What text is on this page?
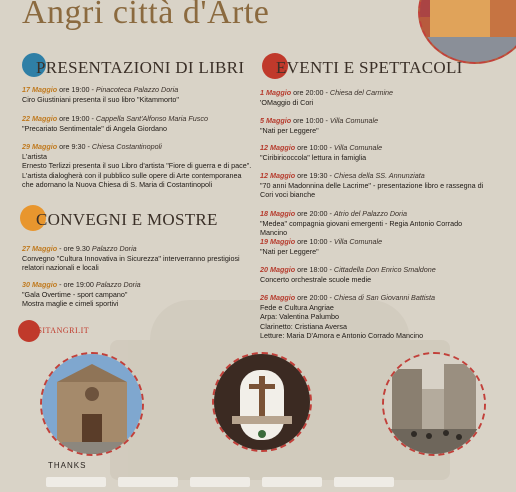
Angri città d'Arte
PRESENTAZIONI DI LIBRI
17 Maggio ore 19:00 - Pinacoteca Palazzo Doria
Ciro Giustiniani presenta il suo libro "Kitammorto"
22 Maggio ore 19:00 - Cappella Sant'Alfonso Maria Fusco
"Precariato Sentimentale" di Angela Giordano
29 Maggio ore 9:30 - Chiesa Costantinopoli
L'artista
Ernesto Terlizzi presenta il suo Libro d'artista "Fiore di guerra e di pace". L'artista dialogherà con il pubblico sulle opere di Arte contemporanea che adornano la Nuova Chiesa di S. Maria di Costantinopoli
CONVEGNI E MOSTRE
27 Maggio - ore 9.30 Palazzo Doria
Convegno "Cultura Innovativa in Sicurezza" interverranno prestigiosi relatori nazionali e locali
30 Maggio - ore 19:00 Palazzo Doria
"Gala Overtime - sport campano"
Mostra maglie e cimeli sportivi
VISITANGRI.IT
EVENTI E SPETTACOLI
1 Maggio ore 20:00 - Chiesa del Carmine
'OMaggio di Cori
5 Maggio ore 10:00 - Villa Comunale
"Nati per Leggere"
12 Maggio ore 10:00 - Villa Comunale
"Ciribiricoccola" lettura in famiglia
12 Maggio ore 19:30 - Chiesa della SS. Annunziata
"70 anni Madonnina delle Lacrime" - presentazione libro e rassegna di Cori voci bianche
18 Maggio ore 20:00 - Atrio del Palazzo Doria
"Medea" compagnia giovani emergenti - Regia Antonio Corrado Mancino
19 Maggio ore 10:00 - Villa Comunale
"Nati per Leggere"
20 Maggio ore 18:00 - Cittadella Don Enrico Smaldone
Concerto orchestrale scuole medie
26 Maggio ore 20:00 - Chiesa di San Giovanni Battista
Fede e Cultura Angriae
Arpa: Valentina Palumbo
Clarinetto: Cristiana Aversa
Letture: Maria D'Amora e Antonio Corrado Mancino
THANKS
